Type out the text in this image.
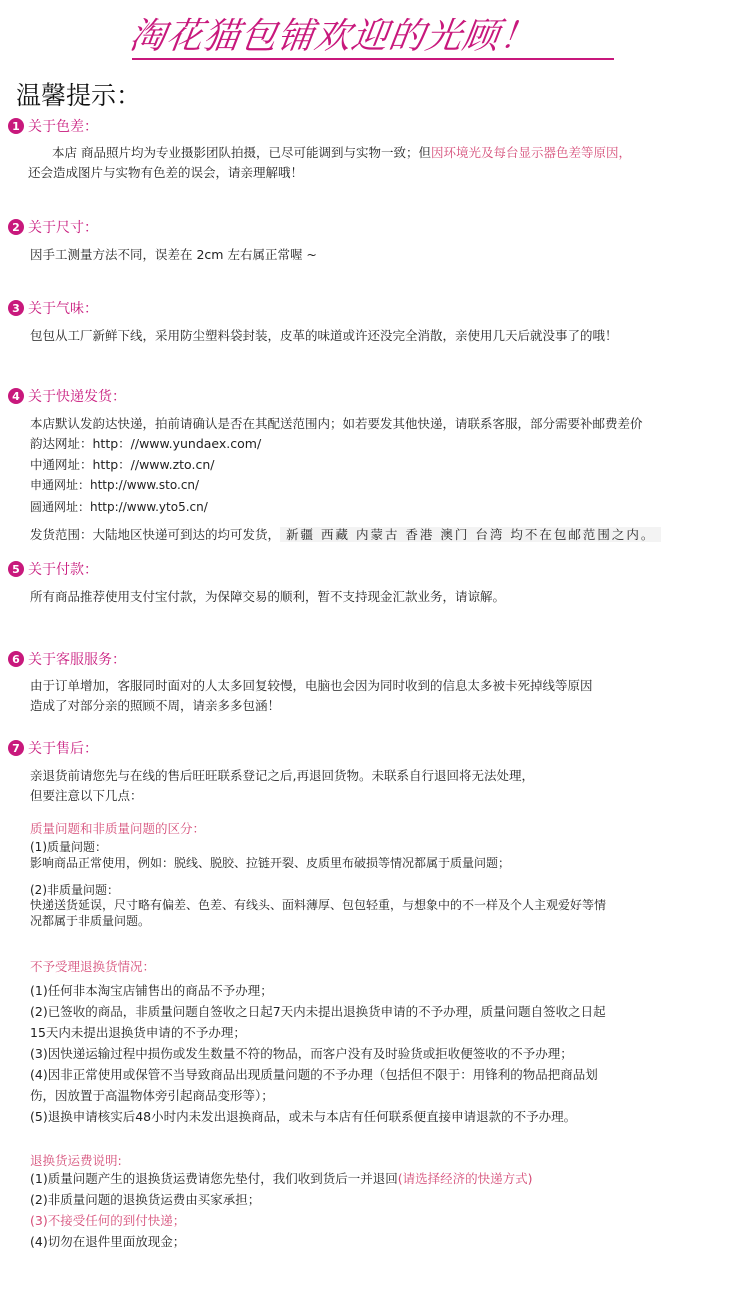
淘花猫包铺欢迎的光顾！
温馨提示：
1 关于色差：
本店 商品照片均为专业摄影团队拍摄，已尽可能调到与实物一致；但因环境光及每台显示器色差等原因，
还会造成图片与实物有色差的误会，请亲理解哦！
2 关于尺寸：
因手工测量方法不同，误差在 2cm 左右属正常喔 ~
3 关于气味：
包包从工厂新鲜下线，采用防尘塑料袋封装，皮革的味道或许还没完全消散，亲使用几天后就没事了的哦！
4 关于快递发货：
本店默认发韵达快递，拍前请确认是否在其配送范围内；如若要发其他快递，请联系客服，部分需要补邮费差价
韵达网址：http：//www.yundaex.com/
中通网址：http：//www.zto.cn/
申通网址：http://www.sto.cn/
圆通网址：http://www.yto5.cn/
发货范围：大陆地区快递可到达的均可发货， 新疆 西藏 内蒙古 香港 澳门 台湾 均不在包邮范围之内。
5 关于付款：
所有商品推荐使用支付宝付款，为保障交易的顺利，暂不支持现金汇款业务，请谅解。
6 关于客服服务：
由于订单增加，客服同时面对的人太多回复较慢，电脑也会因为同时收到的信息太多被卡死掉线等原因
造成了对部分亲的照顾不周，请亲多多包涵！
7 关于售后：
亲退货前请您先与在线的售后旺旺联系登记之后,再退回货物。未联系自行退回将无法处理，
但要注意以下几点：
质量问题和非质量问题的区分：
(1)质量问题：
影响商品正常使用，例如：脱线、脱胶、拉链开裂、皮质里布破损等情况都属于质量问题；
(2)非质量问题：
快递送货延误，尺寸略有偏差、色差、有线头、面料薄厚、包包轻重，与想象中的不一样及个人主观爱好等情
况都属于非质量问题。
不予受理退换货情况：
(1)任何非本淘宝店铺售出的商品不予办理；
(2)已签收的商品，非质量问题自签收之日起7天内未提出退换货申请的不予办理，质量问题自签收之日起
15天内未提出退换货申请的不予办理；
(3)因快递运输过程中损伤或发生数量不符的物品，而客户没有及时验货或拒收便签收的不予办理；
(4)因非正常使用或保管不当导致商品出现质量问题的不予办理（包括但不限于：用锋利的物品把商品划
伤，因放置于高温物体旁引起商品变形等）；
(5)退换申请核实后48小时内未发出退换商品，或未与本店有任何联系便直接申请退款的不予办理。
退换货运费说明:
(1)质量问题产生的退换货运费请您先垫付，我们收到货后一并退回(请选择经济的快递方式)
(2)非质量问题的退换货运费由买家承担；
(3)不接受任何的到付快递；
(4)切勿在退件里面放现金；
